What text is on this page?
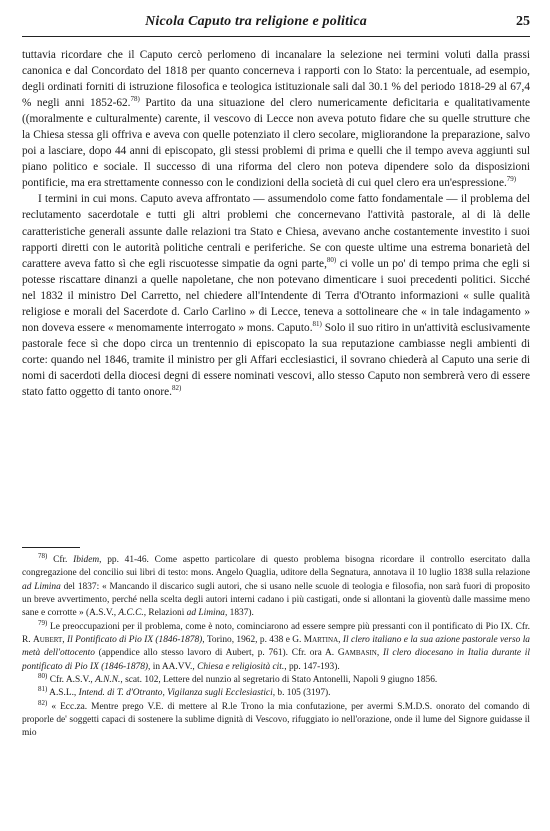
Nicola Caputo tra religione e politica	25

tuttavia ricordare che il Caputo cercò perlomeno di incanalare la selezione nei termini voluti dalla prassi canonica e dal Concordato del 1818 per quanto concerneva i rapporti con lo Stato: la percentuale, ad esempio, degli ordinati forniti di istruzione filosofica e teologica istituzionale sali dal 30.1 % del periodo 1818-29 al 67,4 % negli anni 1852-62.$^{78)}$ Partito da una situazione del clero numericamente deficitaria e qualitativamente ((moralmente e culturalmente) carente, il vescovo di Lecce non aveva potuto fidare che su quelle strutture che la Chiesa stessa gli offriva e aveva con quelle potenziato il clero secolare, migliorandone la preparazione, salvo poi a lasciare, dopo 44 anni di episcopato, gli stessi problemi di prima e quelli che il tempo aveva aggiunti sul piano politico e sociale. Il successo di una riforma del clero non poteva dipendere solo da disposizioni pontificie, ma era strettamente connesso con le condizioni della società di cui quel clero era un'espressione.$^{79)}$

I termini in cui mons. Caputo aveva affrontato — assumendolo come fatto fondamentale — il problema del reclutamento sacerdotale e tutti gli altri problemi che concernevano l'attività pastorale, al di là delle caratteristiche generali assunte dalle relazioni tra Stato e Chiesa, avevano anche costantemente investito i suoi rapporti diretti con le autorità politiche centrali e periferiche. Se con queste ultime una estrema bonarietà del carattere aveva fatto sì che egli riscuotesse simpatie da ogni parte,$^{80)}$ ci volle un po' di tempo prima che egli si potesse riscattare dinanzi a quelle napoletane, che non potevano dimenticare i suoi precedenti politici. Sicché nel 1832 il ministro Del Carretto, nel chiedere all'Intendente di Terra d'Otranto informazioni « sulle qualità religiose e morali del Sacerdote d. Carlo Carlino » di Lecce, teneva a sottolineare che « in tale indagamento » non doveva essere « menomamente interrogato » mons. Caputo.$^{81)}$ Solo il suo ritiro in un'attività esclusivamente pastorale fece sì che dopo circa un trentennio di episcopato la sua reputazione cambiasse negli ambienti di corte: quando nel 1846, tramite il ministro per gli Affari ecclesiastici, il sovrano chiederà al Caputo una serie di nomi di sacerdoti della diocesi degni di essere nominati vescovi, allo stesso Caputo non sembrerà vero di essere stato fatto oggetto di tanto onore.$^{82)}$

$^{78)}$ Cfr. Ibidem, pp. 41-46. Come aspetto particolare di questo problema bisogna ricordare il controllo esercitato dalla congregazione del concilio sui libri di testo: mons. Angelo Quaglia, uditore della Segnatura, annotava il 10 luglio 1838 sulla relazione ad Limina del 1837: « Mancando il discarico sugli autori, che si usano nelle scuole di teologia e filosofia, non sarà fuori di proposito un breve avvertimento, perché nella scelta degli autori interni cadano i più castigati, onde si allontani la gioventù dalle massime meno sane e corrotte » (A.S.V., A.C.C., Relazioni ad Limina, 1837).

$^{79)}$ Le preoccupazioni per il problema, come è noto, cominciarono ad essere sempre più pressanti con il pontificato di Pio IX. Cfr. R. Aubert, Il Pontificato di Pio IX (1846-1878), Torino, 1962, p. 438 e G. Martina, Il clero italiano e la sua azione pastorale verso la metà dell'ottocento (appendice allo stesso lavoro di Aubert, p. 761). Cfr. ora A. Gambasin, Il clero diocesano in Italia durante il pontificato di Pio IX (1846-1878), in AA.VV., Chiesa e religiosità cit., pp. 147-193).

$^{80)}$ Cfr. A.S.V., A.N.N., scat. 102, Lettere del nunzio al segretario di Stato Antonelli, Napoli 9 giugno 1856.

$^{81)}$ A.S.L., Intend. di T. d'Otranto, Vigilanza sugli Ecclesiastici, b. 105 (3197).

$^{82)}$ « Ecc.za. Mentre prego V.E. di mettere al R.le Trono la mia confutazione, per avermi S.M.D.S. onorato del comando di proporle de' soggetti capaci di sostenere la sublime dignità di Vescovo, rifuggiato io nell'orazione, onde il lume del Signore guidasse il mio
